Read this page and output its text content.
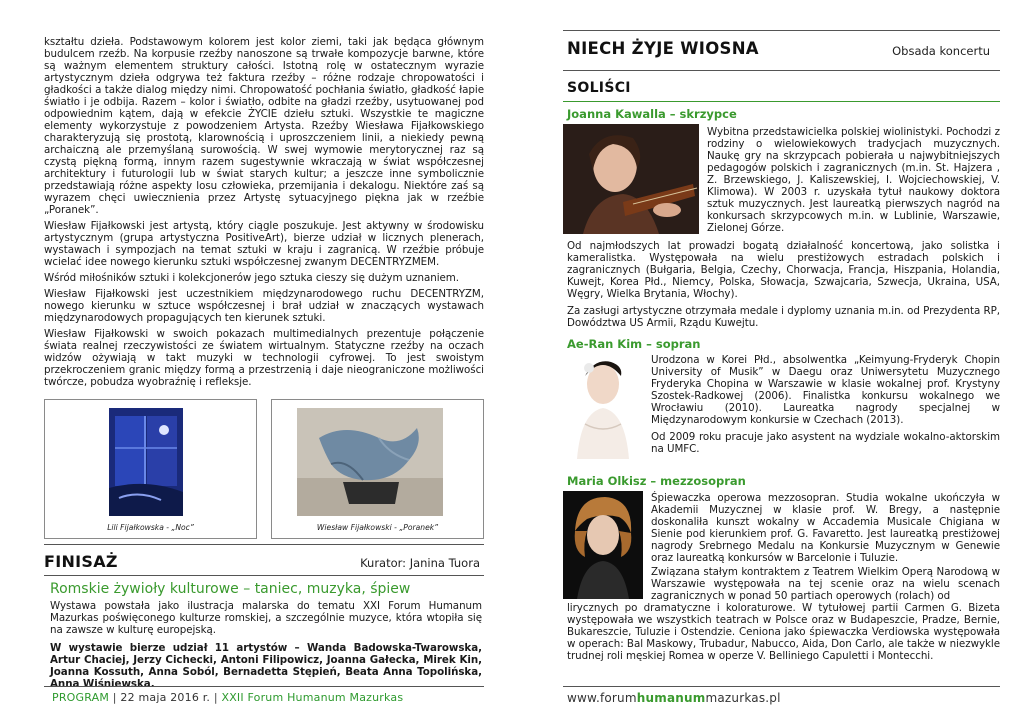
kształtu dzieła. Podstawowym kolorem jest kolor ziemi, taki jak będąca głównym budulcem rzeźb. Na korpusie rzeźby nanoszone są trwałe kompozycje barwne, które są ważnym elementem struktury całości. Istotną rolę w ostatecznym wyrazie artystycznym dzieła odgrywa też faktura rzeźby – różne rodzaje chropowatości i gładkości a także dialog między nimi. Chropowatość pochłania światło, gładkość łapie światło i je odbija. Razem – kolor i światło, odbite na gładzi rzeźby, usytuowanej pod odpowiednim kątem, dają w efekcie ŻYCIE dziełu sztuki. Wszystkie te magiczne elementy wykorzystuje z powodzeniem Artysta. Rzeźby Wiesława Fijałkowskiego charakteryzują się prostotą, klarownością i uproszczeniem linii, a niekiedy pewną archaiczną ale przemyślaną surowością. W swej wymowie merytorycznej raz są czystą piękną formą, innym razem sugestywnie wkraczają w świat współczesnej architektury i futurologii lub w świat starych kultur; a jeszcze inne symbolicznie przedstawiają różne aspekty losu człowieka, przemijania i dekalogu. Niektóre zaś są wyrazem chęci uwiecznienia przez Artystę sytuacyjnego piękna jak w rzeźbie „Poranek”.

Wiesław Fijałkowski jest artystą, który ciągle poszukuje. Jest aktywny w środowisku artystycznym (grupa artystyczna PositiveArt), bierze udział w licznych plenerach, wystawach i sympozjach na temat sztuki w kraju i zagranicą. W rzeźbie próbuje wcielać idee nowego kierunku sztuki współczesnej zwanym DECENTRYZMEM.

Wśród miłośników sztuki i kolekcjonerów jego sztuka cieszy się dużym uznaniem.

Wiesław Fijałkowski jest uczestnikiem międzynarodowego ruchu DECENTRYZM, nowego kierunku w sztuce współczesnej i brał udział w znaczących wystawach międzynarodowych propagujących ten kierunek sztuki.

Wiesław Fijałkowski w swoich pokazach multimedialnych prezentuje połączenie świata realnej rzeczywistości ze światem wirtualnym. Statyczne rzeźby na oczach widzów ożywiają w takt muzyki w technologii cyfrowej. To jest swoistym przekroczeniem granic między formą a przestrzenią i daje nieograniczone możliwości twórcze, pobudza wyobraźnię i refleksje.

Lili Fijałkowska - „Noc”	Wiesław Fijałkowski - „Poranek”
FINISAŻ	Kurator: Janina Tuora
Romskie żywioły kulturowe – taniec, muzyka, śpiew

Wystawa powstała jako ilustracja malarska do tematu XXI Forum Humanum Mazurkas poświęconego kulturze romskiej, a szczególnie muzyce, która wtopiła się na zawsze w kulturę europejską.

W wystawie bierze udział 11 artystów – Wanda Badowska-Twarowska, Artur Chaciej, Jerzy Cichecki, Antoni Filipowicz, Joanna Gałecka, Mirek Kin, Joanna Kossuth, Anna Soból, Bernadetta Stępień, Beata Anna Topolińska, Anna Wiśniewska.

PROGRAM | 22 maja 2016 r. | XXII Forum Humanum Mazurkas
NIECH ŻYJE WIOSNA	Obsada koncertu
SOLIŚCI
Joanna Kawalla – skrzypce
Wybitna przedstawicielka polskiej wiolinistyki. Pochodzi z rodziny o wielowiekowych tradycjach muzycznych. Naukę gry na skrzypcach pobierała u najwybitniejszych pedagogów polskich i zagranicznych (m.in. St. Hajzera , Z. Brzewskiego, J. Kaliszewskiej, I. Wojciechowskiej, V. Klimowa). W 2003 r. uzyskała tytuł naukowy doktora sztuk muzycznych. Jest laureatką pierwszych nagród na konkursach skrzypcowych m.in. w Lublinie, Warszawie, Zielonej Górze.
Od najmłodszych lat prowadzi bogatą działalność koncertową, jako solistka i kameralistka. Występowała na wielu prestiżowych estradach polskich i zagranicznych (Bułgaria, Belgia, Czechy, Chorwacja, Francja, Hiszpania, Holandia, Kuwejt, Korea Płd., Niemcy, Polska, Słowacja, Szwajcaria, Szwecja, Ukraina, USA, Węgry, Wielka Brytania, Włochy).
Za zasługi artystyczne otrzymała medale i dyplomy uznania m.in. od Prezydenta RP, Dowództwa US Armii, Rządu Kuwejtu.
Ae-Ran Kim – sopran
Urodzona w Korei Płd., absolwentka „Keimyung-Fryderyk Chopin University of Musik” w Daegu oraz Uniwersytetu Muzycznego Fryderyka Chopina w Warszawie w klasie wokalnej prof. Krystyny Szostek-Radkowej (2006). Finalistka konkursu wokalnego we Wrocławiu (2010). Laureatka nagrody specjalnej w Międzynarodowym konkursie w Czechach (2013).
Od 2009 roku pracuje jako asystent na wydziale wokalno-aktorskim na UMFC.
Maria Olkisz – mezzosopran
Śpiewaczka operowa mezzosopran. Studia wokalne ukończyła w Akademii Muzycznej w klasie prof. W. Bregy, a następnie doskonaliła kunszt wokalny w Accademia Musicale Chigiana w Sienie pod kierunkiem prof. G. Favaretto. Jest laureatką prestiżowej nagrody Srebrnego Medalu na Konkursie Muzycznym w Genewie oraz laureatką konkursów w Barcelonie i Tuluzie.
Związana stałym kontraktem z Teatrem Wielkim Operą Narodową w Warszawie występowała na tej scenie oraz na wielu scenach zagranicznych w ponad 50 partiach operowych (rolach) od
lirycznych po dramatyczne i koloraturowe. W tytułowej partii Carmen G. Bizeta występowała we wszystkich teatrach w Polsce oraz w Budapeszcie, Pradze, Bernie, Bukareszcie, Tuluzie i Ostendzie. Ceniona jako śpiewaczka Verdiowska występowała w operach: Bal Maskowy, Trubadur, Nabucco, Aida, Don Carlo, ale także w niezwykle trudnej roli męskiej Romea w operze V. Belliniego Capuletti i Montecchi.
www.forumhumanummazurkas.pl
